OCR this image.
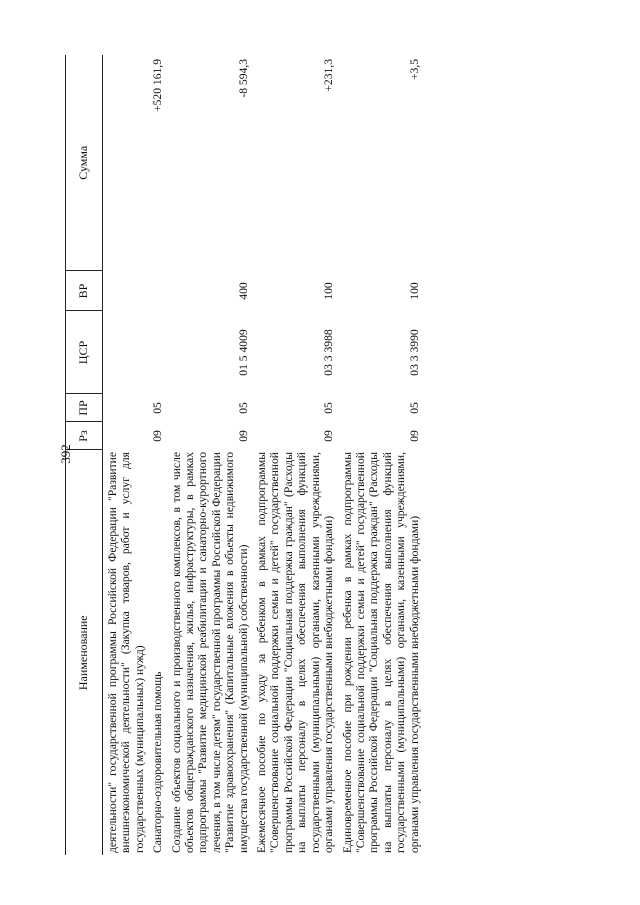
392
Наименование	Рз	ПР	ЦСР	ВР	Сумма
деятельности" государственной программы Российской Федерации "Развитие внешнеэкономической деятельности" (Закупка товаров, работ и услуг для государственных (муниципальных) нужд)					
Санаторно-оздоровительная помощь	09	05			+520 161,9
Создание объектов социального и производственного комплексов, в том числе объектов общегражданского назначения, жилья, инфраструктуры, в рамках подпрограммы "Развитие медицинской реабилитации и санаторно-курортного лечения, в том числе детям" государственной программы Российской Федерации "Развитие здравоохранения" (Капитальные вложения в объекты недвижимого имущества государственной (муниципальной) собственности)	09	05	01 5 4009	400	-8 594,3
Ежемесячное пособие по уходу за ребенком в рамках подпрограммы "Совершенствование социальной поддержки семьи и детей" государственной программы Российской Федерации "Социальная поддержка граждан" (Расходы на выплаты персоналу в целях обеспечения выполнения функций государственными (муниципальными) органами, казенными учреждениями, органами управления государственными внебюджетными фондами)	09	05	03 3 3988	100	+231,3
Единовременное пособие при рождении ребенка в рамках подпрограммы "Совершенствование социальной поддержки семьи и детей" государственной программы Российской Федерации "Социальная поддержка граждан" (Расходы на выплаты персоналу в целях обеспечения выполнения функций государственными (муниципальными) органами, казенными учреждениями, органами управления государственными внебюджетными фондами)	09	05	03 3 3990	100	+3,5
